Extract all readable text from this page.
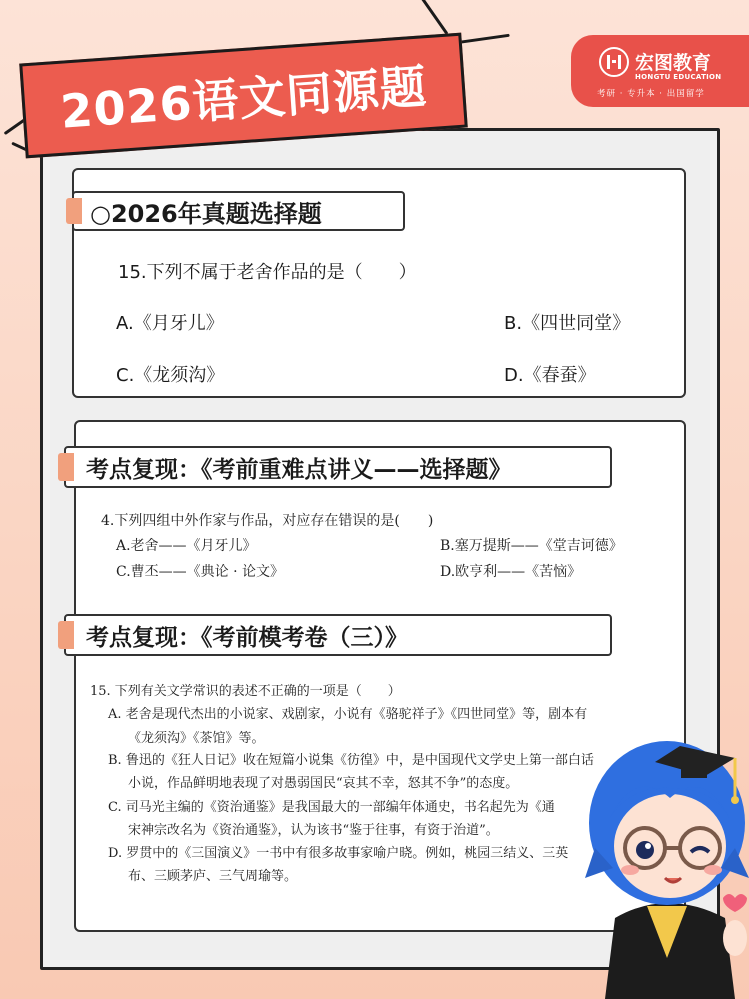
2026语文同源题	宏图教育
HONGTU EDUCATION
考研 · 专升本 · 出国留学
○2026年真题选择题
15.下列不属于老舍作品的是（　　）
A.《月牙儿》	B.《四世同堂》
C.《龙须沟》	D.《春蚕》
考点复现：《考前重难点讲义——选择题》
4.下列四组中外作家与作品，对应存在错误的是(　　)
A.老舍——《月牙儿》	B.塞万提斯——《堂吉诃德》
C.曹丕——《典论 · 论文》	D.欧亨利——《苦恼》
考点复现：《考前模考卷（三）》
15. 下列有关文学常识的表述不正确的一项是（　　）
A. 老舍是现代杰出的小说家、戏剧家，小说有《骆驼祥子》《四世同堂》等，剧本有
《龙须沟》《茶馆》等。
B. 鲁迅的《狂人日记》收在短篇小说集《彷徨》中，是中国现代文学史上第一部白话
小说，作品鲜明地表现了对愚弱国民“哀其不幸，怒其不争”的态度。
C. 司马光主编的《资治通鉴》是我国最大的一部编年体通史，书名起先为《通
宋神宗改名为《资治通鉴》，认为该书“鉴于往事，有资于治道”。
D. 罗贯中的《三国演义》一书中有很多故事家喻户晓。例如，桃园三结义、三英
布、三顾茅庐、三气周瑜等。
